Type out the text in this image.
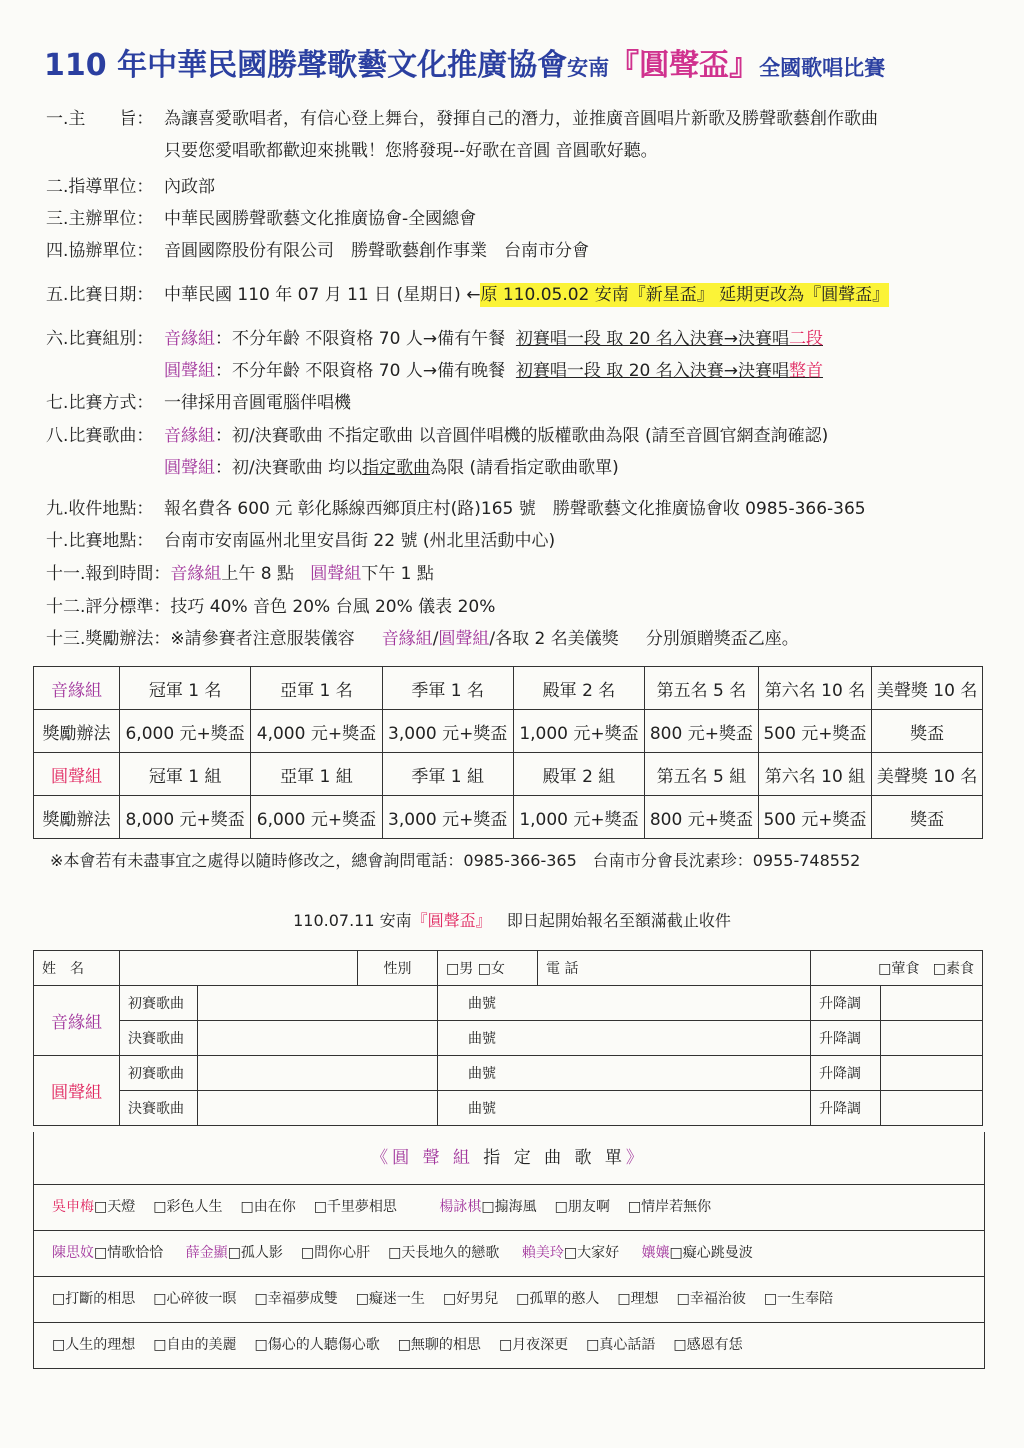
110 年中華民國勝聲歌藝文化推廣協會安南『圓聲盃』全國歌唱比賽
一.主　　旨： 為讓喜愛歌唱者，有信心登上舞台，發揮自己的潛力，並推廣音圓唱片新歌及勝聲歌藝創作歌曲
只要您愛唱歌都歡迎來挑戰！您將發現--好歌在音圓 音圓歌好聽。
二.指導單位： 內政部
三.主辦單位： 中華民國勝聲歌藝文化推廣協會-全國總會
四.協辦單位： 音圓國際股份有限公司　勝聲歌藝創作事業　台南市分會
五.比賽日期： 中華民國 110 年 07 月 11 日 (星期日) ←原 110.05.02 安南『新星盃』 延期更改為『圓聲盃』
六.比賽組別： 音緣組：不分年齡 不限資格 70 人→備有午餐 初賽唱一段 取 20 名入決賽→決賽唱二段
圓聲組：不分年齡 不限資格 70 人→備有晚餐 初賽唱一段 取 20 名入決賽→決賽唱整首
七.比賽方式： 一律採用音圓電腦伴唱機
八.比賽歌曲： 音緣組：初/決賽歌曲 不指定歌曲 以音圓伴唱機的版權歌曲為限 (請至音圓官網查詢確認)
圓聲組：初/決賽歌曲 均以指定歌曲為限 (請看指定歌曲歌單)
九.收件地點： 報名費各 600 元 彰化縣線西鄉頂庄村(路)165 號　勝聲歌藝文化推廣協會收 0985-366-365
十.比賽地點： 台南市安南區州北里安昌街 22 號 (州北里活動中心)
十一.報到時間：音緣組上午 8 點 圓聲組下午 1 點
十二.評分標準：技巧 40% 音色 20% 台風 20% 儀表 20%
十三.獎勵辦法：※請參賽者注意服裝儀容 音緣組/圓聲組/各取 2 名美儀獎 分別頒贈獎盃乙座。
音緣組	冠軍 1 名	亞軍 1 名	季軍 1 名	殿軍 2 名	第五名 5 名	第六名 10 名	美聲獎 10 名
獎勵辦法	6,000 元+獎盃	4,000 元+獎盃	3,000 元+獎盃	1,000 元+獎盃	800 元+獎盃	500 元+獎盃	獎盃
圓聲組	冠軍 1 組	亞軍 1 組	季軍 1 組	殿軍 2 組	第五名 5 組	第六名 10 組	美聲獎 10 名
獎勵辦法	8,000 元+獎盃	6,000 元+獎盃	3,000 元+獎盃	1,000 元+獎盃	800 元+獎盃	500 元+獎盃	獎盃
※本會若有未盡事宜之處得以隨時修改之，總會詢問電話：0985-366-365　台南市分會長沈素珍：0955-748552
110.07.11 安南『圓聲盃』 即日起開始報名至額滿截止收件
姓　名			性別	□男 □女	電 話	□葷食 □素食	
音緣組	初賽歌曲			曲號		升降調	
	決賽歌曲			曲號		升降調	
圓聲組	初賽歌曲			曲號		升降調	
	決賽歌曲			曲號		升降調	
《圓 聲 組 指 定 曲 歌 單》
吳申梅□天燈 □彩色人生 □由在你 □千里夢相思	楊詠棋□搧海風 □朋友啊 □情岸若無你
陳思妏□情歌恰恰 薛金顯□孤人影 □問你心肝 □天長地久的戀歌 賴美玲□大家好 孃孃□癡心跳曼波
□打斷的相思 □心碎彼一暝 □幸福夢成雙 □癡迷一生 □好男兒 □孤單的憨人 □理想 □幸福治彼 □一生奉陪
□人生的理想 □自由的美麗 □傷心的人聽傷心歌 □無聊的相思 □月夜深更 □真心話語 □感恩有恁
